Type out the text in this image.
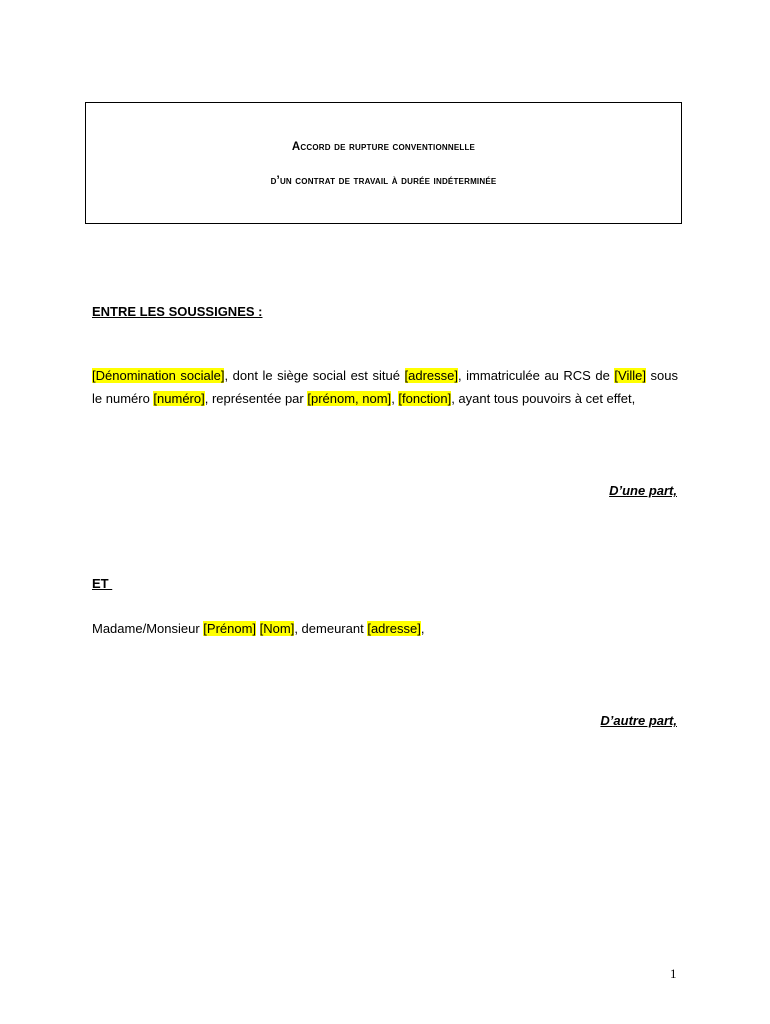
Accord de rupture conventionnelle
d’un contrat de travail à durée indéterminée
ENTRE LES SOUSSIGNES :
[Dénomination sociale], dont le siège social est situé [adresse], immatriculée au RCS de [Ville] sous le numéro [numéro], représentée par [prénom, nom], [fonction], ayant tous pouvoirs à cet effet,
D’une part,
ET
Madame/Monsieur [Prénom] [Nom], demeurant [adresse],
D’autre part,
1
